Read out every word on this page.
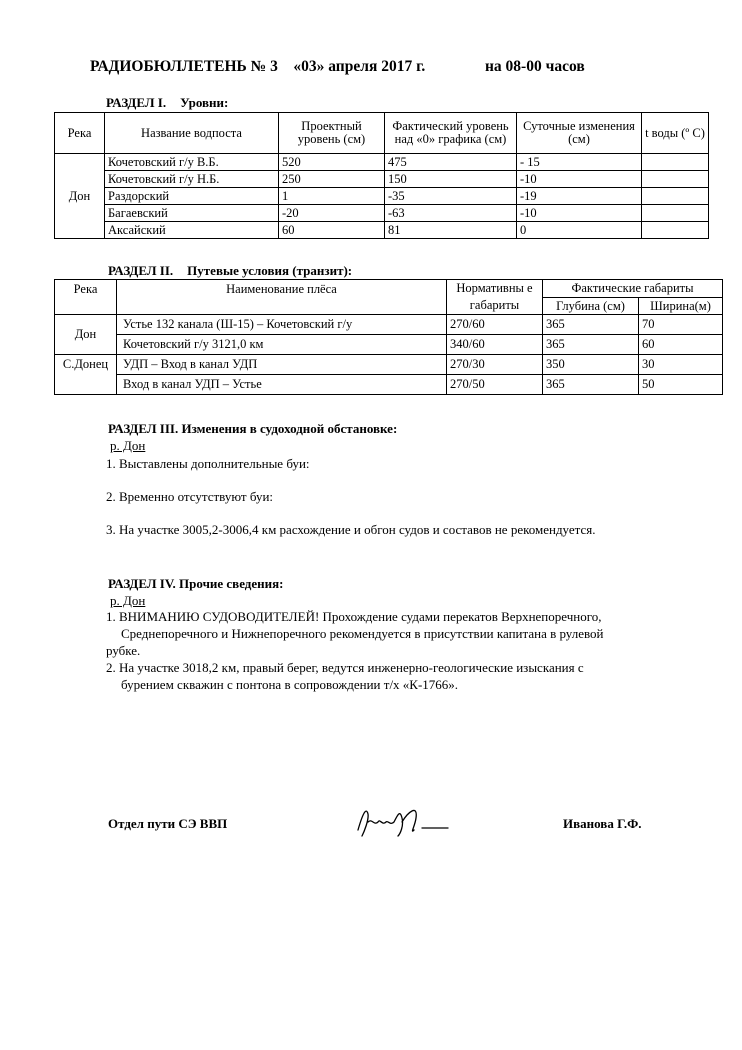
РАДИОБЮЛЛЕТЕНЬ № 3 «03» апреля 2017 г.	на 08-00 часов
РАЗДЕЛ I. Уровни:
Река	Название водпоста	Проектный уровень (см)	Фактический уровень над «0» графика (см)	Суточные изменения (см)	t воды (º С)
Дон	Кочетовский г/у В.Б.	520	475	- 15	
	Кочетовский г/у Н.Б.	250	150	-10	
	Раздорский	1	-35	-19	
	Багаевский	-20	-63	-10	
	Аксайский	60	81	0	
РАЗДЕЛ II. Путевые условия (транзит):
Река	Наименование плёса	Нормативны е габариты	Фактические габариты	
			Глубина (см)	Ширина(м)
Дон	Устье 132 канала (Ш-15) – Кочетовский г/у	270/60	365	70
	Кочетовский г/у 3121,0 км	340/60	365	60
С.Донец	УДП – Вход в канал УДП	270/30	350	30
	Вход в канал УДП – Устье	270/50	365	50
РАЗДЕЛ III. Изменения в судоходной обстановке:
р. Дон
1. Выставлены дополнительные буи:
2. Временно отсутствуют буи:
3. На участке 3005,2-3006,4 км расхождение и обгон судов и составов не рекомендуется.
РАЗДЕЛ IV. Прочие сведения:
р. Дон
1. ВНИМАНИЮ СУДОВОДИТЕЛЕЙ! Прохождение судами перекатов Верхнепоречного,
Среднепоречного и Нижнепоречного рекомендуется в присутствии капитана в рулевой
рубке.
2. На участке 3018,2 км, правый берег, ведутся инженерно-геологические изыскания с
бурением скважин с понтона в сопровождении т/х «К-1766».
Отдел пути СЭ ВВП	Иванова Г.Ф.
